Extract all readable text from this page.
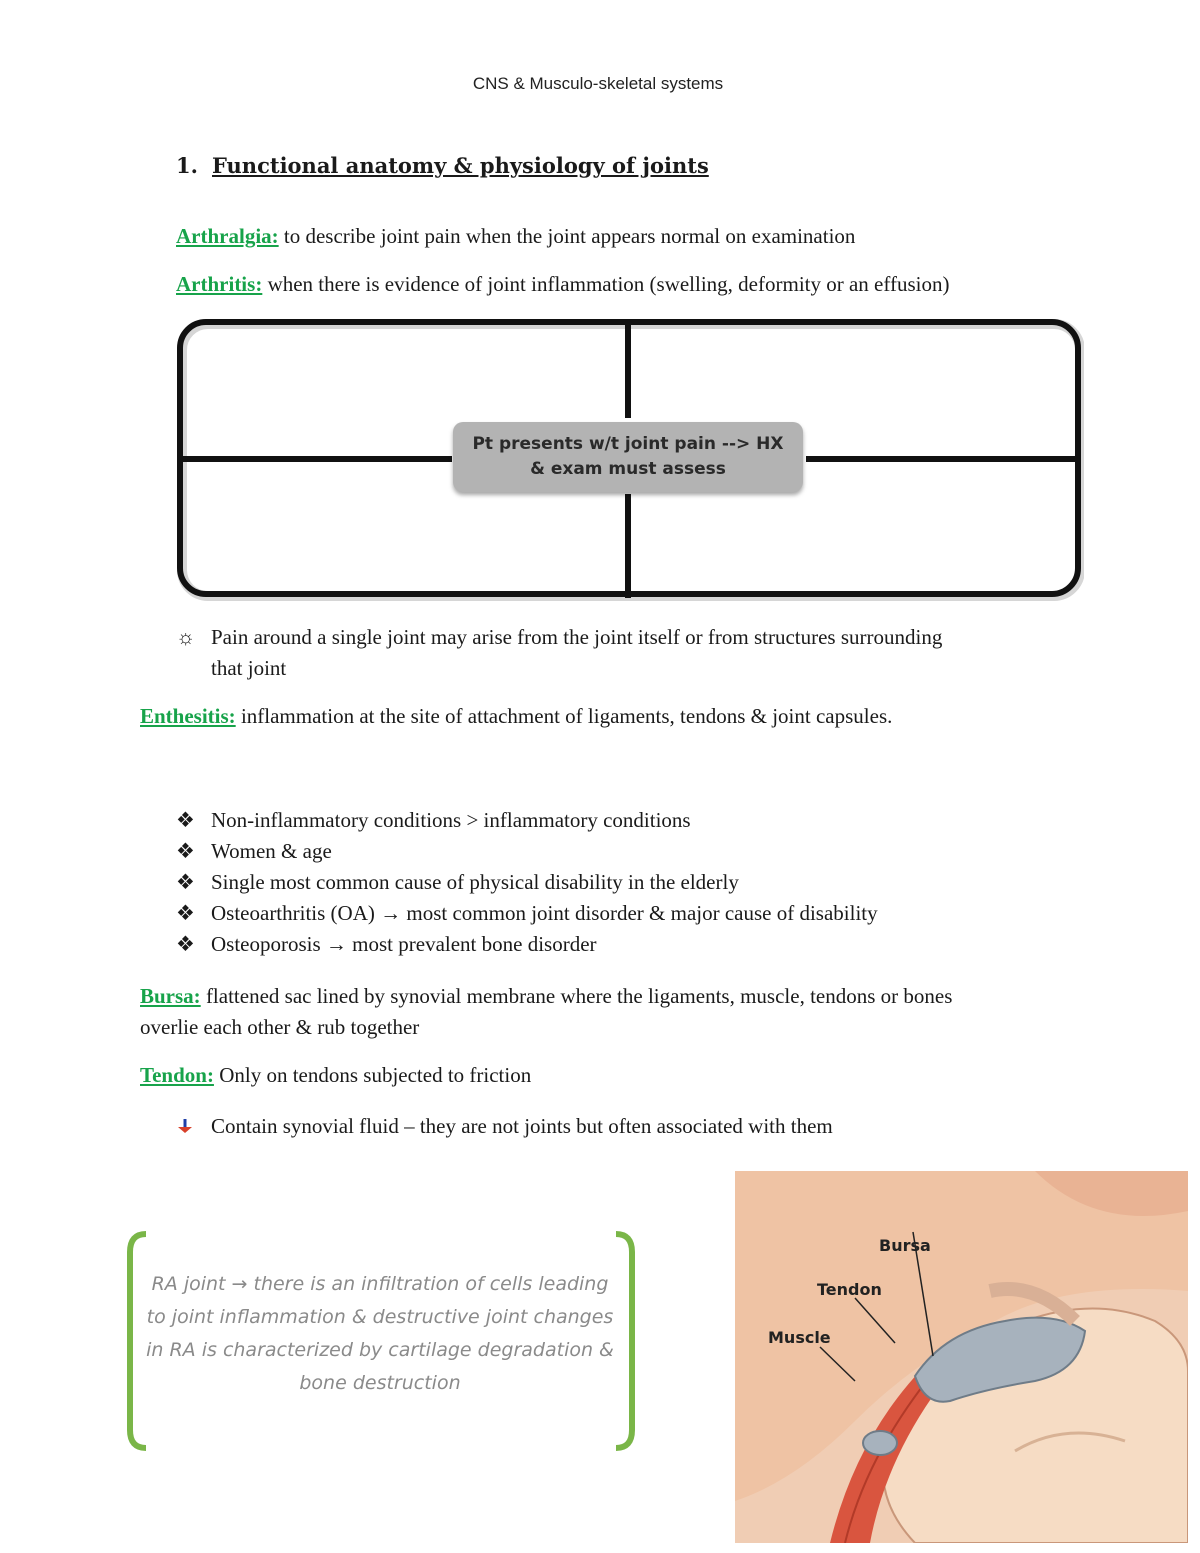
CNS & Musculo-skeletal systems
1. Functional anatomy & physiology of joints
Arthralgia: to describe joint pain when the joint appears normal on examination
Arthritis: when there is evidence of joint inflammation (swelling, deformity or an effusion)
Pt presents w/t joint pain --> HX & exam must assess
☼ Pain around a single joint may arise from the joint itself or from structures surrounding
that joint
Enthesitis: inflammation at the site of attachment of ligaments, tendons & joint capsules.
❖ Non-inflammatory conditions > inflammatory conditions
❖ Women & age
❖ Single most common cause of physical disability in the elderly
❖ Osteoarthritis (OA) → most common joint disorder & major cause of disability
❖ Osteoporosis → most prevalent bone disorder
Bursa: flattened sac lined by synovial membrane where the ligaments, muscle, tendons or bones
overlie each other & rub together
Tendon: Only on tendons subjected to friction
Contain synovial fluid – they are not joints but often associated with them
RA joint → there is an infiltration of cells leading to joint inflammation & destructive joint changes in RA is characterized by cartilage degradation & bone destruction
Bursa
Tendon
Muscle
